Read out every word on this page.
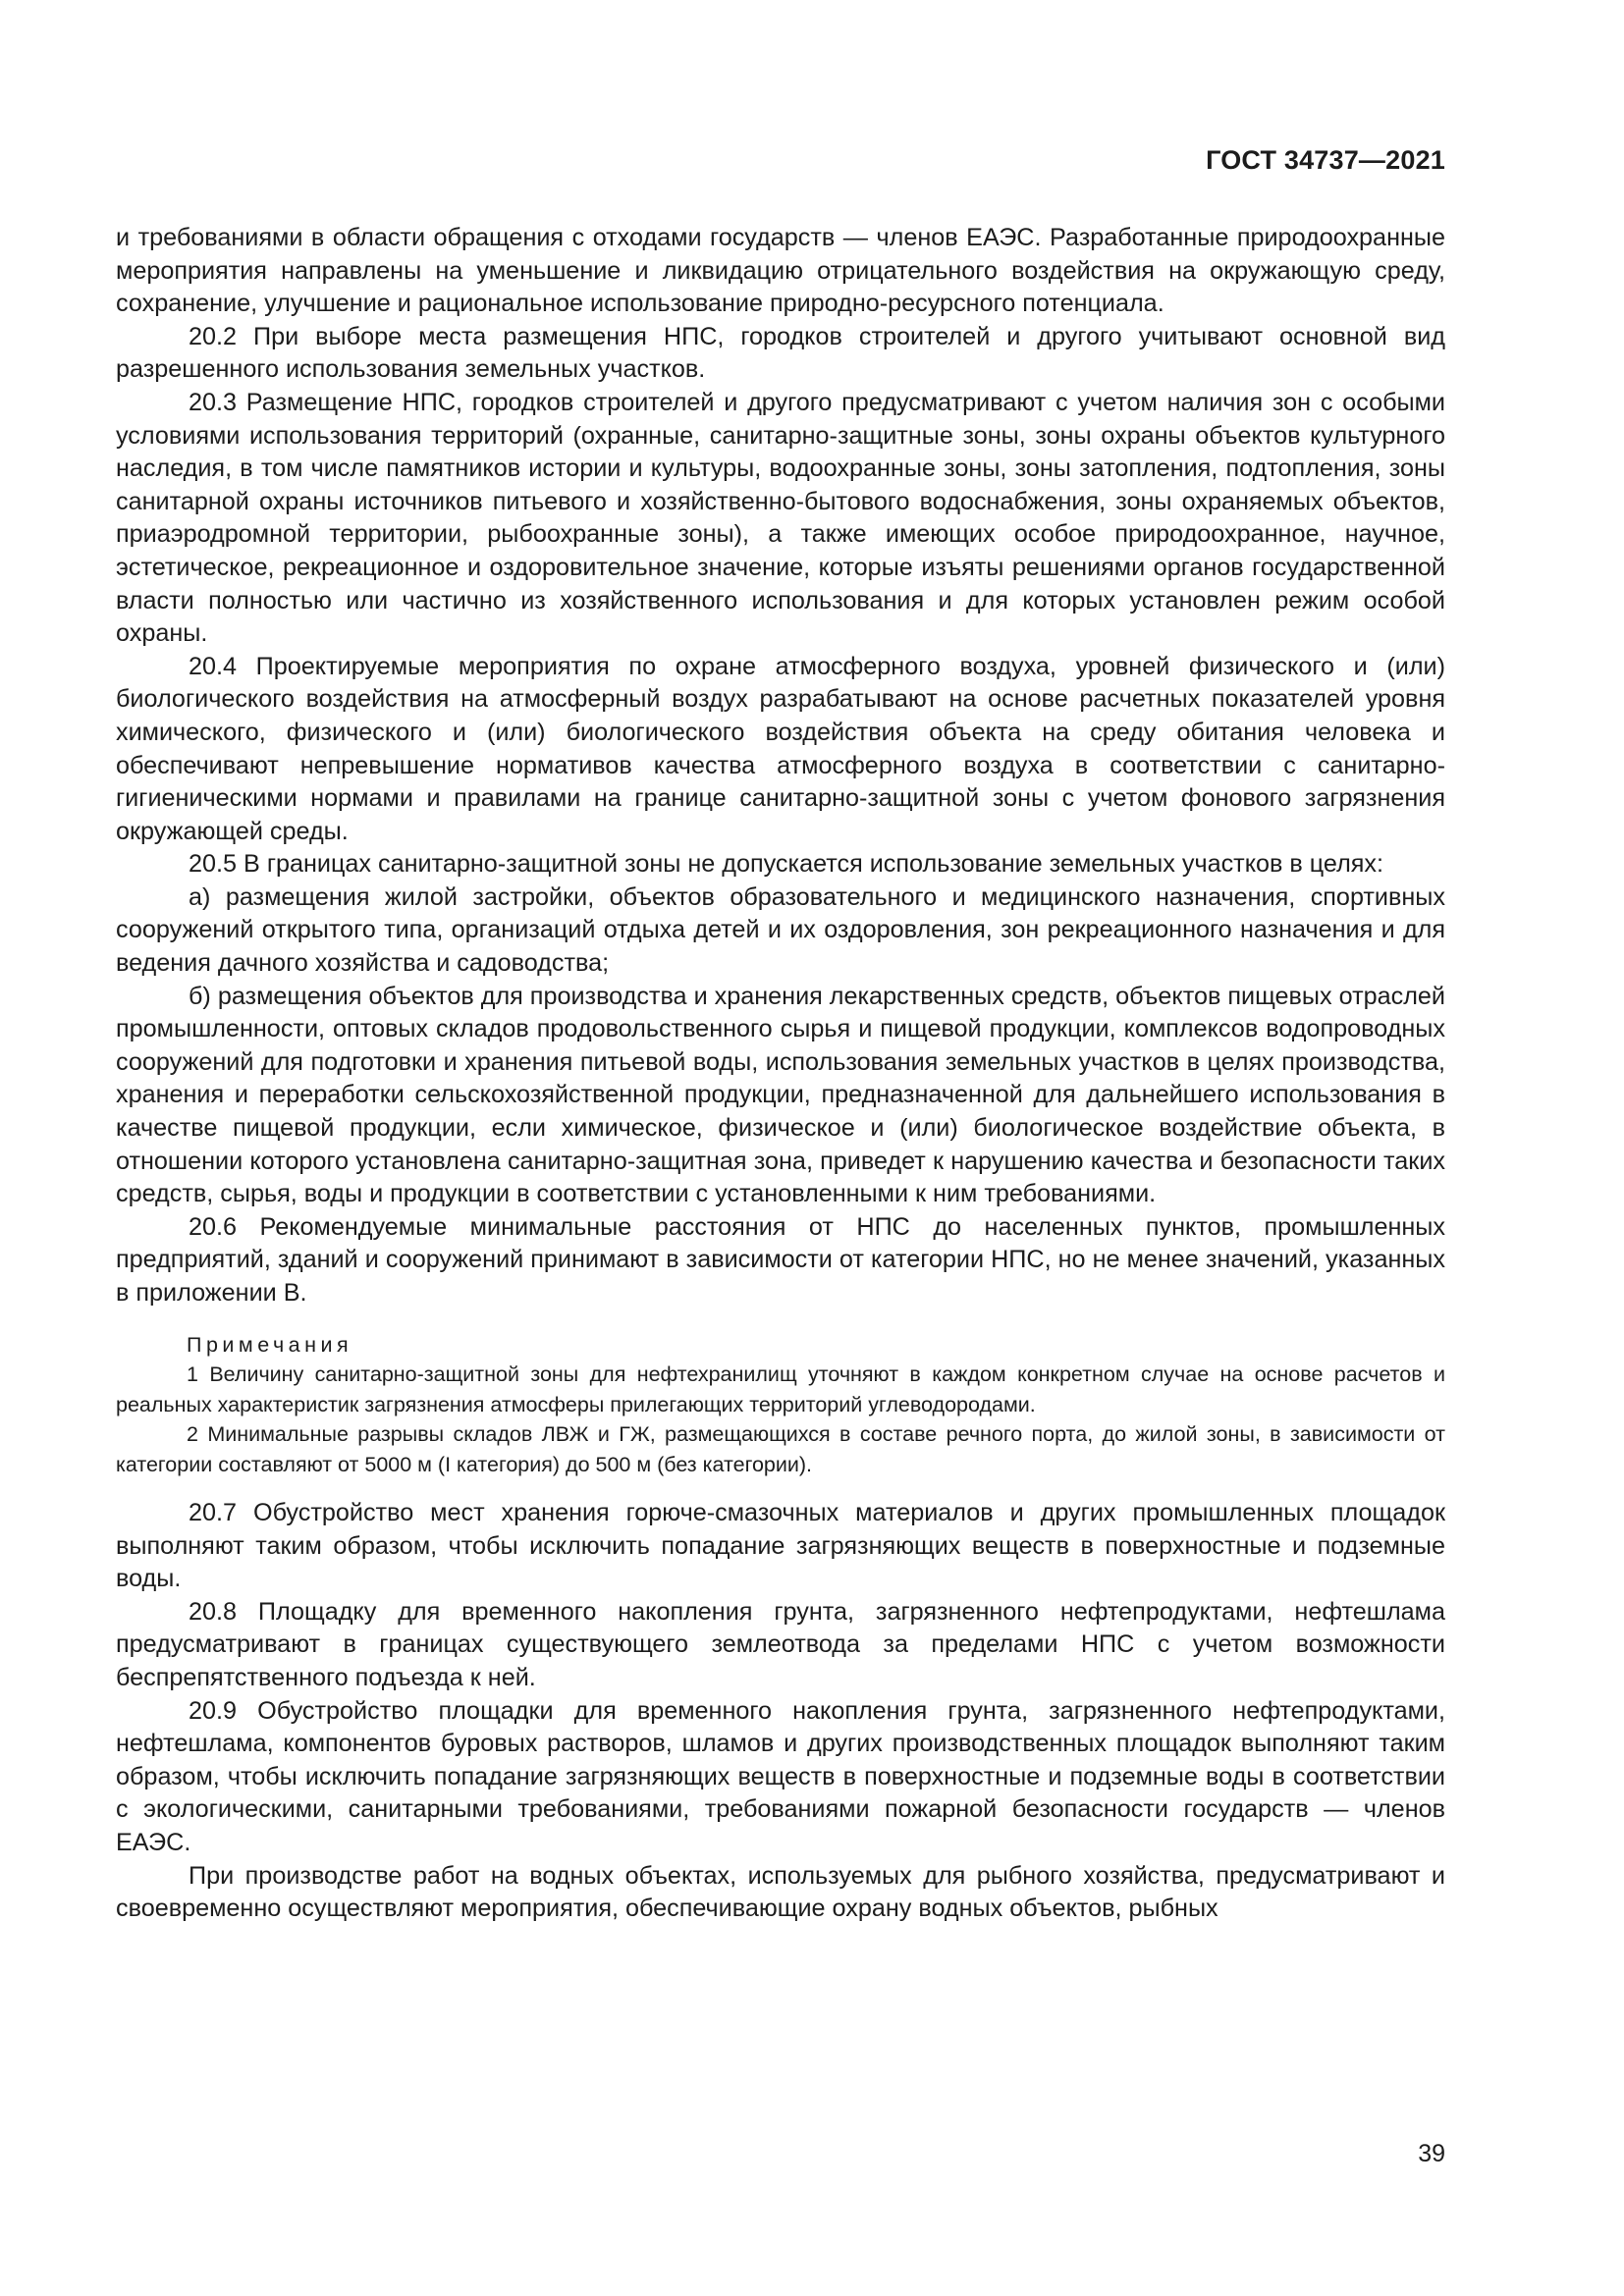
ГОСТ 34737—2021

и требованиями в области обращения с отходами государств — членов ЕАЭС. Разработанные природоохранные мероприятия направлены на уменьшение и ликвидацию отрицательного воздействия на окружающую среду, сохранение, улучшение и рациональное использование природно-ресурсного потенциала.

20.2 При выборе места размещения НПС, городков строителей и другого учитывают основной вид разрешенного использования земельных участков.

20.3 Размещение НПС, городков строителей и другого предусматривают с учетом наличия зон с особыми условиями использования территорий (охранные, санитарно-защитные зоны, зоны охраны объектов культурного наследия, в том числе памятников истории и культуры, водоохранные зоны, зоны затопления, подтопления, зоны санитарной охраны источников питьевого и хозяйственно-бытового водоснабжения, зоны охраняемых объектов, приаэродромной территории, рыбоохранные зоны), а также имеющих особое природоохранное, научное, эстетическое, рекреационное и оздоровительное значение, которые изъяты решениями органов государственной власти полностью или частично из хозяйственного использования и для которых установлен режим особой охраны.

20.4 Проектируемые мероприятия по охране атмосферного воздуха, уровней физического и (или) биологического воздействия на атмосферный воздух разрабатывают на основе расчетных показателей уровня химического, физического и (или) биологического воздействия объекта на среду обитания человека и обеспечивают непревышение нормативов качества атмосферного воздуха в соответствии с санитарно-гигиеническими нормами и правилами на границе санитарно-защитной зоны с учетом фонового загрязнения окружающей среды.

20.5 В границах санитарно-защитной зоны не допускается использование земельных участков в целях:

а) размещения жилой застройки, объектов образовательного и медицинского назначения, спортивных сооружений открытого типа, организаций отдыха детей и их оздоровления, зон рекреационного назначения и для ведения дачного хозяйства и садоводства;

б) размещения объектов для производства и хранения лекарственных средств, объектов пищевых отраслей промышленности, оптовых складов продовольственного сырья и пищевой продукции, комплексов водопроводных сооружений для подготовки и хранения питьевой воды, использования земельных участков в целях производства, хранения и переработки сельскохозяйственной продукции, предназначенной для дальнейшего использования в качестве пищевой продукции, если химическое, физическое и (или) биологическое воздействие объекта, в отношении которого установлена санитарно-защитная зона, приведет к нарушению качества и безопасности таких средств, сырья, воды и продукции в соответствии с установленными к ним требованиями.

20.6 Рекомендуемые минимальные расстояния от НПС до населенных пунктов, промышленных предприятий, зданий и сооружений принимают в зависимости от категории НПС, но не менее значений, указанных в приложении В.

Примечания

1 Величину санитарно-защитной зоны для нефтехранилищ уточняют в каждом конкретном случае на основе расчетов и реальных характеристик загрязнения атмосферы прилегающих территорий углеводородами.

2 Минимальные разрывы складов ЛВЖ и ГЖ, размещающихся в составе речного порта, до жилой зоны, в зависимости от категории составляют от 5000 м (I категория) до 500 м (без категории).

20.7 Обустройство мест хранения горюче-смазочных материалов и других промышленных площадок выполняют таким образом, чтобы исключить попадание загрязняющих веществ в поверхностные и подземные воды.

20.8 Площадку для временного накопления грунта, загрязненного нефтепродуктами, нефтешлама предусматривают в границах существующего землеотвода за пределами НПС с учетом возможности беспрепятственного подъезда к ней.

20.9 Обустройство площадки для временного накопления грунта, загрязненного нефтепродуктами, нефтешлама, компонентов буровых растворов, шламов и других производственных площадок выполняют таким образом, чтобы исключить попадание загрязняющих веществ в поверхностные и подземные воды в соответствии с экологическими, санитарными требованиями, требованиями пожарной безопасности государств — членов ЕАЭС.

При производстве работ на водных объектах, используемых для рыбного хозяйства, предусматривают и своевременно осуществляют мероприятия, обеспечивающие охрану водных объектов, рыбных

39
